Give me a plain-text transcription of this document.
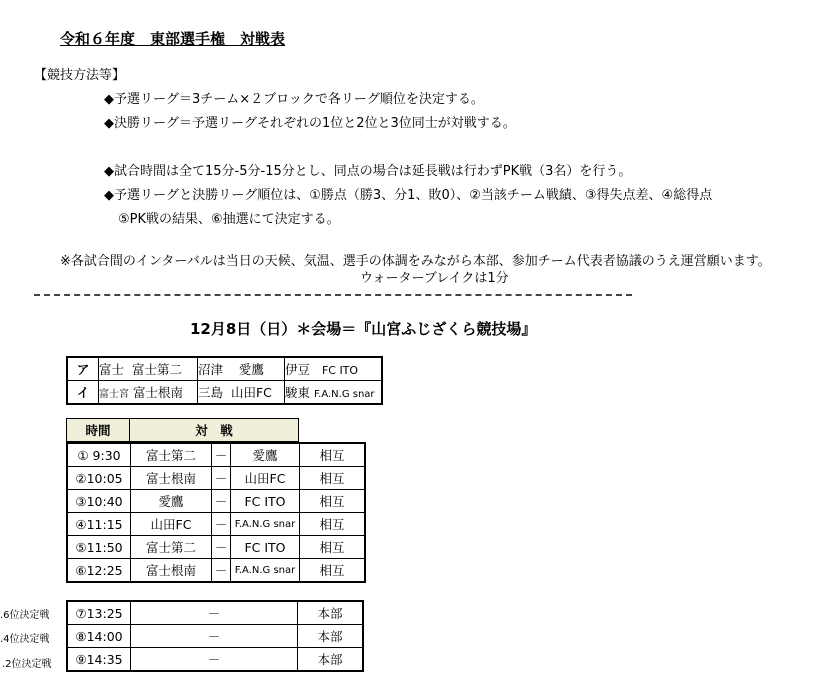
令和６年度　東部選手権　対戦表
【競技方法等】
◆予選リーグ＝3チーム×２ブロックで各リーグ順位を決定する。
◆決勝リーグ＝予選リーグそれぞれの1位と2位と3位同士が対戦する。
◆試合時間は全て15分-5分-15分とし、同点の場合は延長戦は行わずPK戦（3名）を行う。
◆予選リーグと決勝リーグ順位は、①勝点（勝3、分1、敗0）、②当該チーム戦績、③得失点差、④総得点
⑤PK戦の結果、⑥抽選にて決定する。
※各試合間のインターバルは当日の天候、気温、選手の体調をみながら本部、参加チーム代表者協議のうえ運営願います。
ウォーターブレイクは1分
12月8日（日）＊会場＝『山宮ふじざくら競技場』
ア	富士 富士第二	沼津 愛鷹	伊豆 FC ITO
イ	富士宮 富士根南	三島 山田FC	駿東 F.A.N.G snar
時間	対　戦
① 9:30	富士第二	－	愛鷹	相互
②10:05	富士根南	－	山田FC	相互
③10:40	愛鷹	－	FC ITO	相互
④11:15	山田FC	－	F.A.N.G snar	相互
⑤11:50	富士第二	－	FC ITO	相互
⑥12:25	富士根南	－	F.A.N.G snar	相互
.6位決定戦
.4位決定戦
.2位決定戦
⑦13:25	－	本部
⑧14:00	－	本部
⑨14:35	－	本部
